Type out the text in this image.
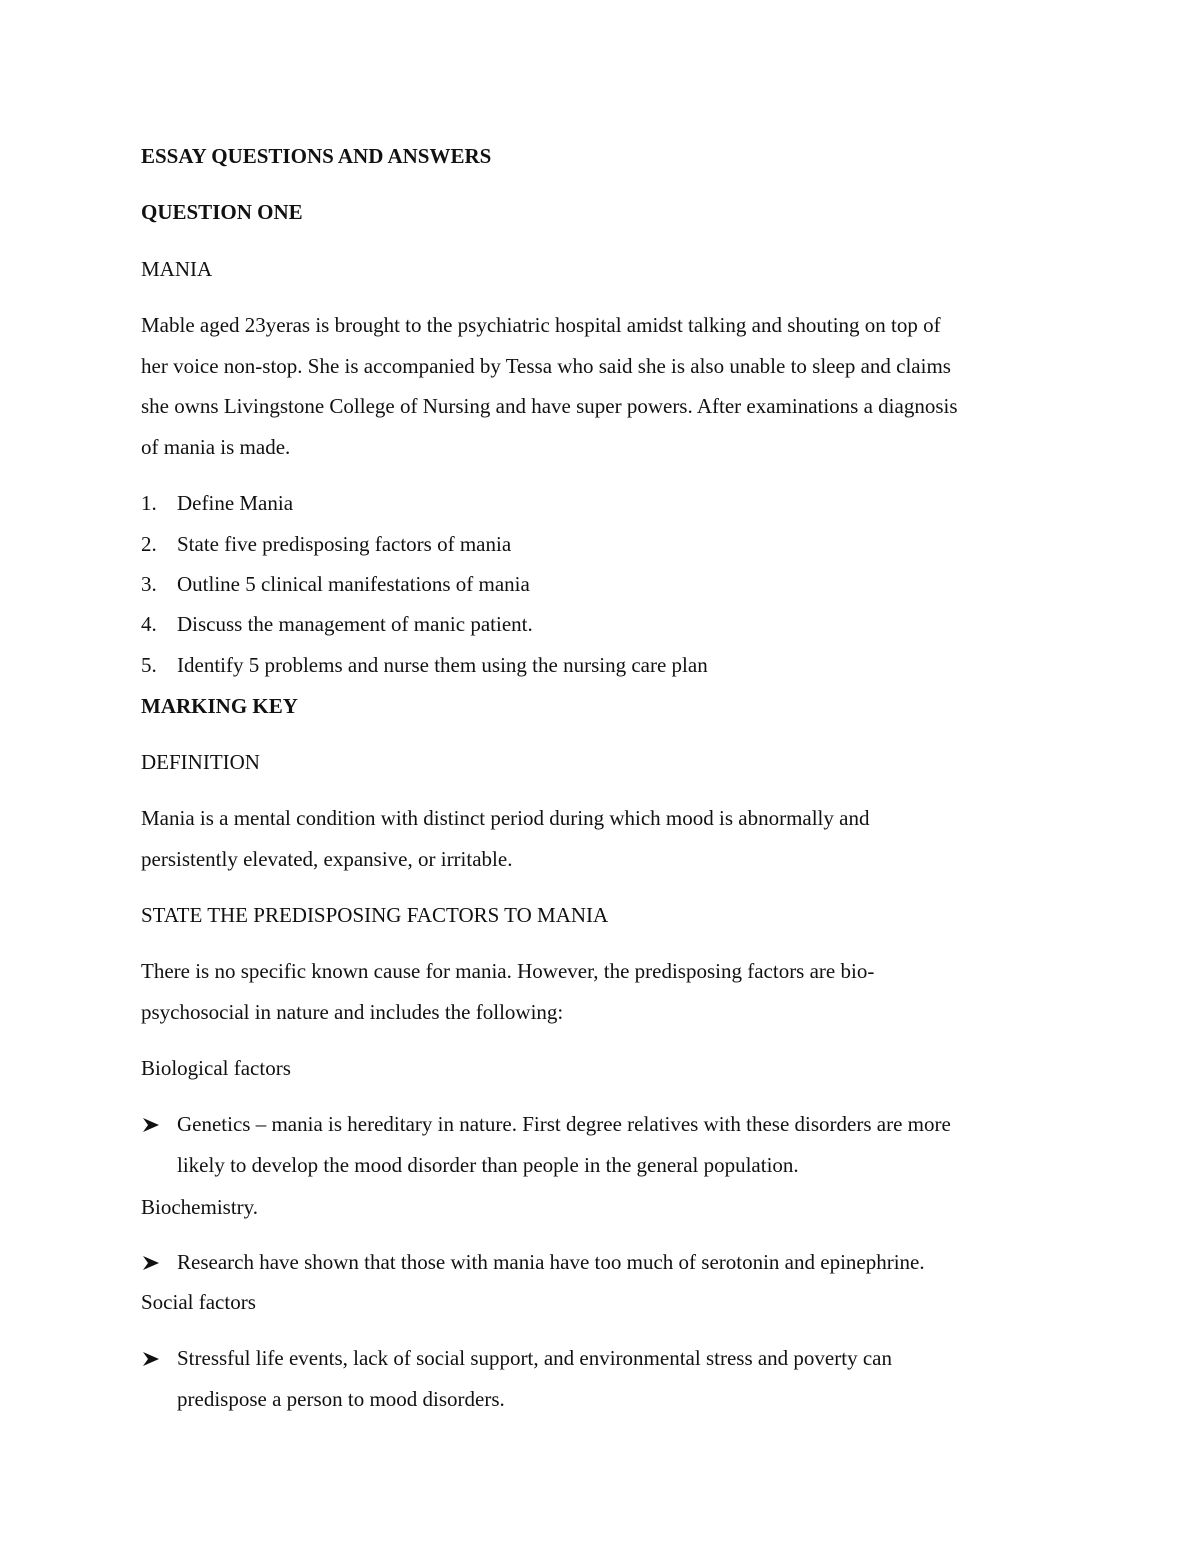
ESSAY QUESTIONS AND ANSWERS
QUESTION ONE
MANIA
Mable aged 23yeras is brought to the psychiatric hospital amidst talking and shouting on top of
her voice non-stop. She is accompanied by Tessa who said she is also unable to sleep and claims
she owns Livingstone College of Nursing and have super powers. After examinations a diagnosis
of mania is made.
1. Define Mania
2. State five predisposing factors of mania
3. Outline 5 clinical manifestations of mania
4. Discuss the management of manic patient.
5. Identify 5 problems and nurse them using the nursing care plan
MARKING KEY
DEFINITION
Mania is a mental condition with distinct period during which mood is abnormally and
persistently elevated, expansive, or irritable.
STATE THE PREDISPOSING FACTORS TO MANIA
There is no specific known cause for mania. However, the predisposing factors are bio-
psychosocial in nature and includes the following:
Biological factors
Genetics – mania is hereditary in nature. First degree relatives with these disorders are more
likely to develop the mood disorder than people in the general population.
Biochemistry.
Research have shown that those with mania have too much of serotonin and epinephrine.
Social factors
Stressful life events, lack of social support, and environmental stress and poverty can
predispose a person to mood disorders.
